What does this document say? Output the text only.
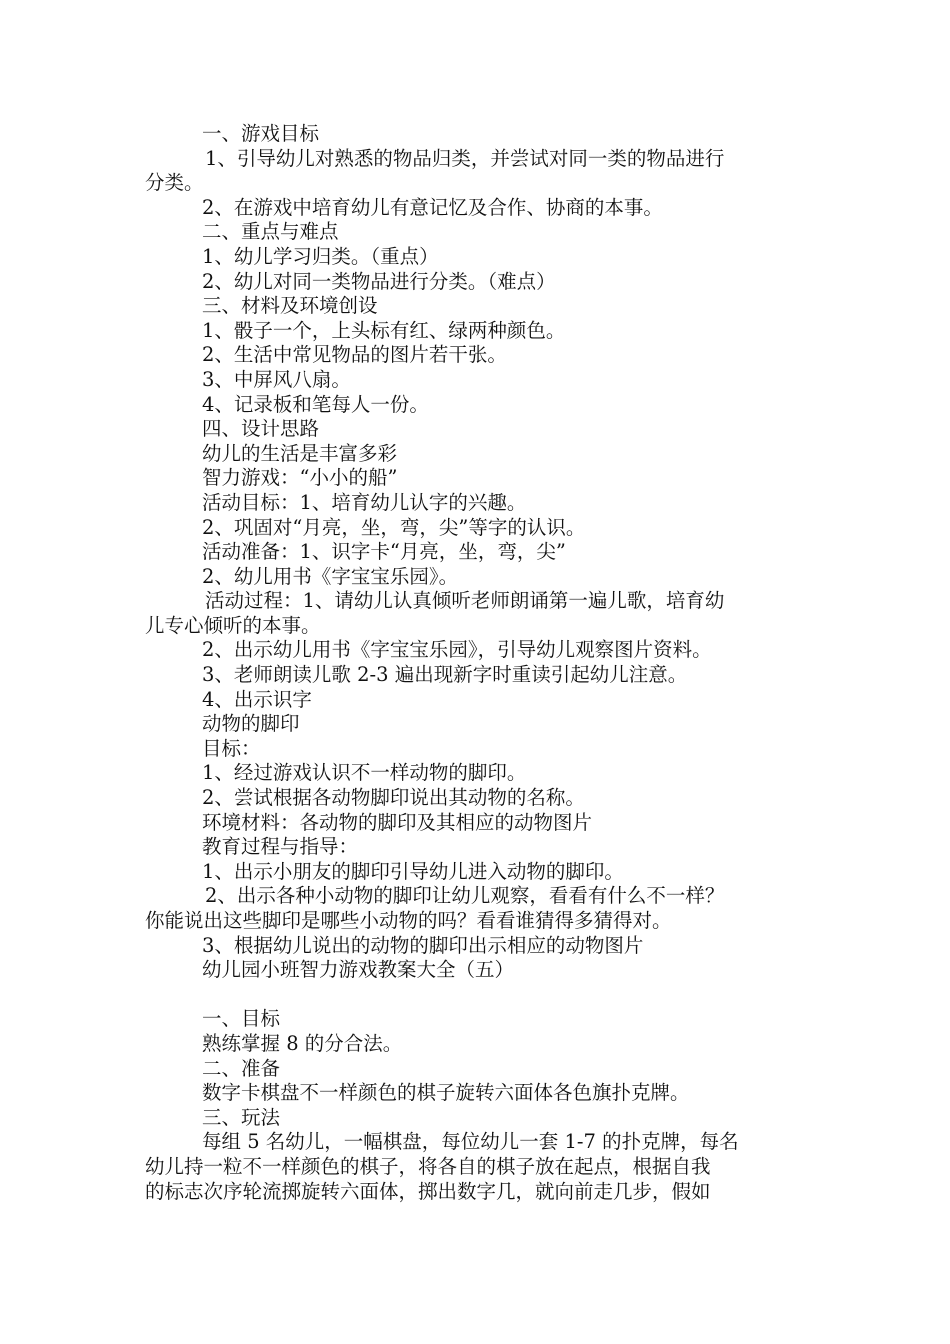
一、游戏目标
1、引导幼儿对熟悉的物品归类，并尝试对同一类的物品进行
分类。
2、在游戏中培育幼儿有意记忆及合作、协商的本事。
二、重点与难点
1、幼儿学习归类。（重点）
2、幼儿对同一类物品进行分类。（难点）
三、材料及环境创设
1、骰子一个，上头标有红、绿两种颜色。
2、生活中常见物品的图片若干张。
3、中屏风八扇。
4、记录板和笔每人一份。
四、设计思路
幼儿的生活是丰富多彩
智力游戏：“小小的船”
活动目标：1、培育幼儿认字的兴趣。
2、巩固对“月亮，坐，弯，尖”等字的认识。
活动准备：1、识字卡“月亮，坐，弯，尖”
2、幼儿用书《字宝宝乐园》。
活动过程：1、请幼儿认真倾听老师朗诵第一遍儿歌，培育幼
儿专心倾听的本事。
2、出示幼儿用书《字宝宝乐园》，引导幼儿观察图片资料。
3、老师朗读儿歌 2-3 遍出现新字时重读引起幼儿注意。
4、出示识字
动物的脚印
目标：
1、经过游戏认识不一样动物的脚印。
2、尝试根据各动物脚印说出其动物的名称。
环境材料：各动物的脚印及其相应的动物图片
教育过程与指导：
1、出示小朋友的脚印引导幼儿进入动物的脚印。
2、出示各种小动物的脚印让幼儿观察，看看有什么不一样？
你能说出这些脚印是哪些小动物的吗？看看谁猜得多猜得对。
3、根据幼儿说出的动物的脚印出示相应的动物图片
幼儿园小班智力游戏教案大全（五）
一、目标
熟练掌握 8 的分合法。
二、准备
数字卡棋盘不一样颜色的棋子旋转六面体各色旗扑克牌。
三、玩法
每组 5 名幼儿，一幅棋盘，每位幼儿一套 1-7 的扑克牌，每名
幼儿持一粒不一样颜色的棋子，将各自的棋子放在起点，根据自我
的标志次序轮流掷旋转六面体，掷出数字几，就向前走几步，假如
